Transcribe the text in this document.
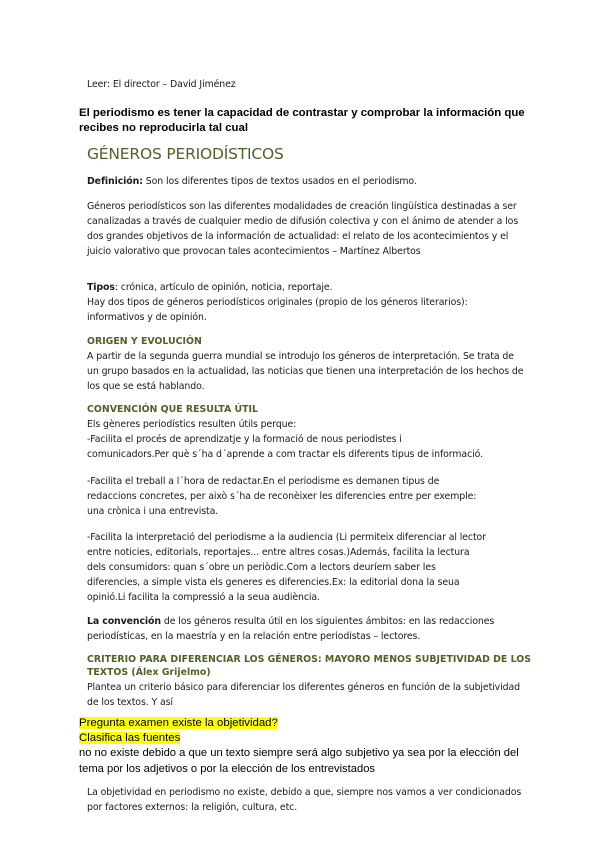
Leer: El director – David Jiménez
El periodismo es tener la capacidad de contrastar y comprobar la información que
recibes no reproducirla tal cual
GÉNEROS PERIODÍSTICOS
Definición: Son los diferentes tipos de textos usados en el periodismo.
Géneros periodísticos son las diferentes modalidades de creación lingüística destinadas a ser
canalizadas a través de cualquier medio de difusión colectiva y con el ánimo de atender a los
dos grandes objetivos de la información de actualidad: el relato de los acontecimientos y el
juicio valorativo que provocan tales acontecimientos – Martínez Albertos
Tipos: crónica, artículo de opinión, noticia, reportaje.
Hay dos tipos de géneros periodísticos originales (propio de los géneros literarios):
informativos y de opinión.
ORIGEN Y EVOLUCIÓN
A partir de la segunda guerra mundial se introdujo los géneros de interpretación. Se trata de
un grupo basados en la actualidad, las noticias que tienen una interpretación de los hechos de
los que se está hablando.
CONVENCIÓN QUE RESULTA ÚTIL
Els gèneres periodístics resulten útils perque:
-Facilita el procés de aprendizatje y la formació de nous periodistes i
comunicadors.Per què s´ha d´aprende a com tractar els diferents tipus de informació.
-Facilita el treball a l´hora de redactar.En el periodisme es demanen tipus de
redaccions concretes, per això s´ha de reconèixer les diferencies entre per exemple:
una crònica i una entrevista.
-Facilita la interpretació del periodisme a la audiencia (Li permiteix diferenciar al lector
entre noticies, editorials, reportajes... entre altres cosas.)Además, facilita la lectura
dels consumidors: quan s´obre un periòdic.Com a lectors deuríem saber les
diferencies, a simple vista els generes es diferencies.Ex: la editorial dona la seua
opinió.Li facilita la compressió a la seua audiència.
La convención de los géneros resulta útil en los siguientes ámbitos: en las redacciones
periodísticas, en la maestría y en la relación entre periodistas – lectores.
CRITERIO PARA DIFERENCIAR LOS GÉNEROS: MAYORO MENOS SUBJETIVIDAD DE LOS
TEXTOS (Álex Grijelmo)
Plantea un criterio básico para diferenciar los diferentes géneros en función de la subjetividad
de los textos. Y así
Pregunta examen existe la objetividad?
Clasifica las fuentes
no no existe debido a que un texto siempre será algo subjetivo ya sea por la elección del
tema por los adjetivos o por la elección de los entrevistados
La objetividad en periodismo no existe, debido a que, siempre nos vamos a ver condicionados
por factores externos: la religión, cultura, etc.
